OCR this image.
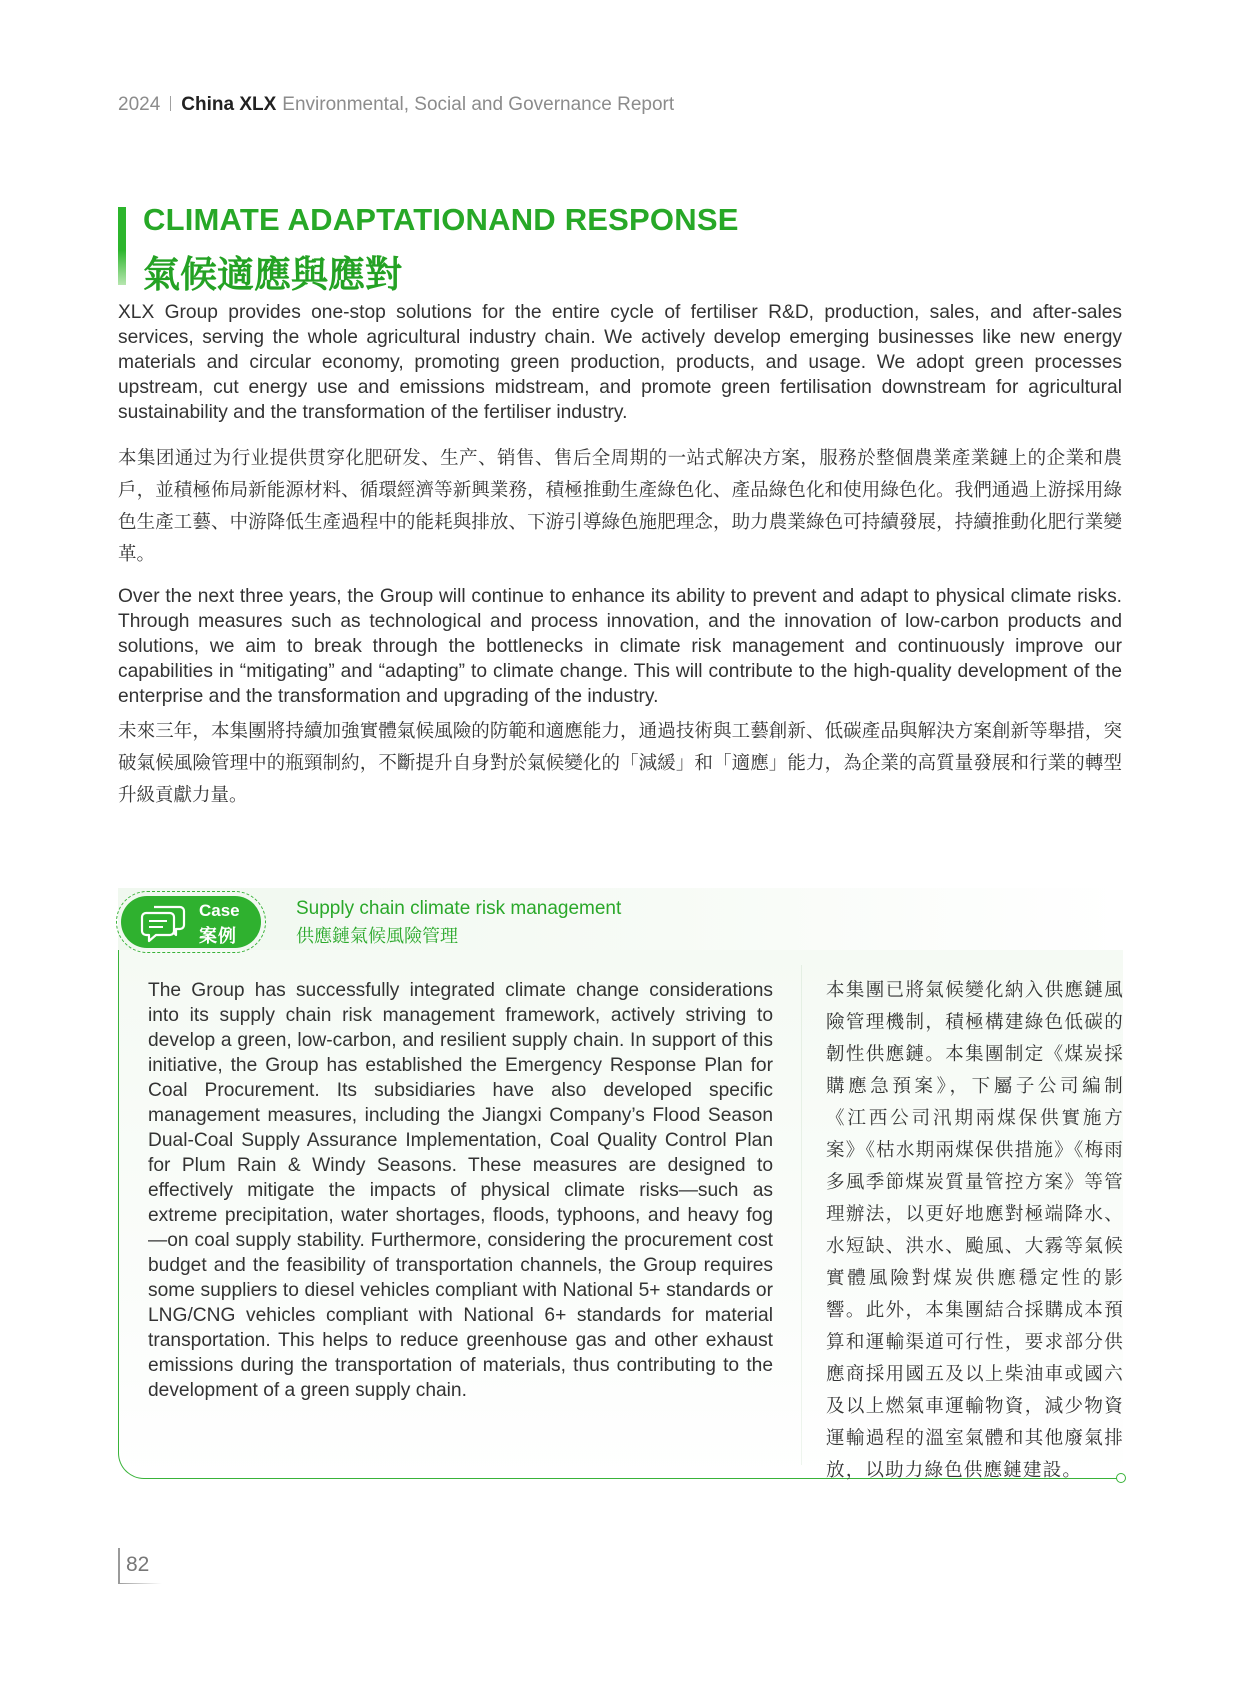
2024 China XLX Environmental, Social and Governance Report
CLIMATE ADAPTATIONAND RESPONSE
氣候適應與應對

XLX Group provides one-stop solutions for the entire cycle of fertiliser R&D, production, sales, and after-sales services, serving the whole agricultural industry chain. We actively develop emerging businesses like new energy materials and circular economy, promoting green production, products, and usage. We adopt green processes upstream, cut energy use and emissions midstream, and promote green fertilisation downstream for agricultural sustainability and the transformation of the fertiliser industry.

本集团通过为行业提供贯穿化肥研发、生产、销售、售后全周期的一站式解决方案，服務於整個農業產業鏈上的企業和農戶，並積極佈局新能源材料、循環經濟等新興業務，積極推動生產綠色化、產品綠色化和使用綠色化。我們通過上游採用綠色生產工藝、中游降低生產過程中的能耗與排放、下游引導綠色施肥理念，助力農業綠色可持續發展，持續推動化肥行業變革。

Over the next three years, the Group will continue to enhance its ability to prevent and adapt to physical climate risks. Through measures such as technological and process innovation, and the innovation of low-carbon products and solutions, we aim to break through the bottlenecks in climate risk management and continuously improve our capabilities in “mitigating” and “adapting” to climate change. This will contribute to the high-quality development of the enterprise and the transformation and upgrading of the industry.

未來三年，本集團將持續加強實體氣候風險的防範和適應能力，通過技術與工藝創新、低碳產品與解決方案創新等舉措，突破氣候風險管理中的瓶頸制約，不斷提升自身對於氣候變化的「減緩」和「適應」能力，為企業的高質量發展和行業的轉型升級貢獻力量。

Case
案例
Supply chain climate risk management
供應鏈氣候風險管理

The Group has successfully integrated climate change considerations into its supply chain risk management framework, actively striving to develop a green, low-carbon, and resilient supply chain. In support of this initiative, the Group has established the Emergency Response Plan for Coal Procurement. Its subsidiaries have also developed specific management measures, including the Jiangxi Company’s Flood Season Dual-Coal Supply Assurance Implementation, Coal Quality Control Plan for Plum Rain & Windy Seasons. These measures are designed to effectively mitigate the impacts of physical climate risks—such as extreme precipitation, water shortages, floods, typhoons, and heavy fog—on coal supply stability. Furthermore, considering the procurement cost budget and the feasibility of transportation channels, the Group requires some suppliers to diesel vehicles compliant with National 5+ standards or LNG/CNG vehicles compliant with National 6+ standards for material transportation. This helps to reduce greenhouse gas and other exhaust emissions during the transportation of materials, thus contributing to the development of a green supply chain.

本集團已將氣候變化納入供應鏈風險管理機制，積極構建綠色低碳的韌性供應鏈。本集團制定《煤炭採購應急預案》，下屬子公司編制《江西公司汛期兩煤保供實施方案》《枯水期兩煤保供措施》《梅雨多風季節煤炭質量管控方案》等管理辦法，以更好地應對極端降水、水短缺、洪水、颱風、大霧等氣候實體風險對煤炭供應穩定性的影響。此外，本集團結合採購成本預算和運輸渠道可行性，要求部分供應商採用國五及以上柴油車或國六及以上燃氣車運輸物資，減少物資運輸過程的溫室氣體和其他廢氣排放，以助力綠色供應鏈建設。

82
